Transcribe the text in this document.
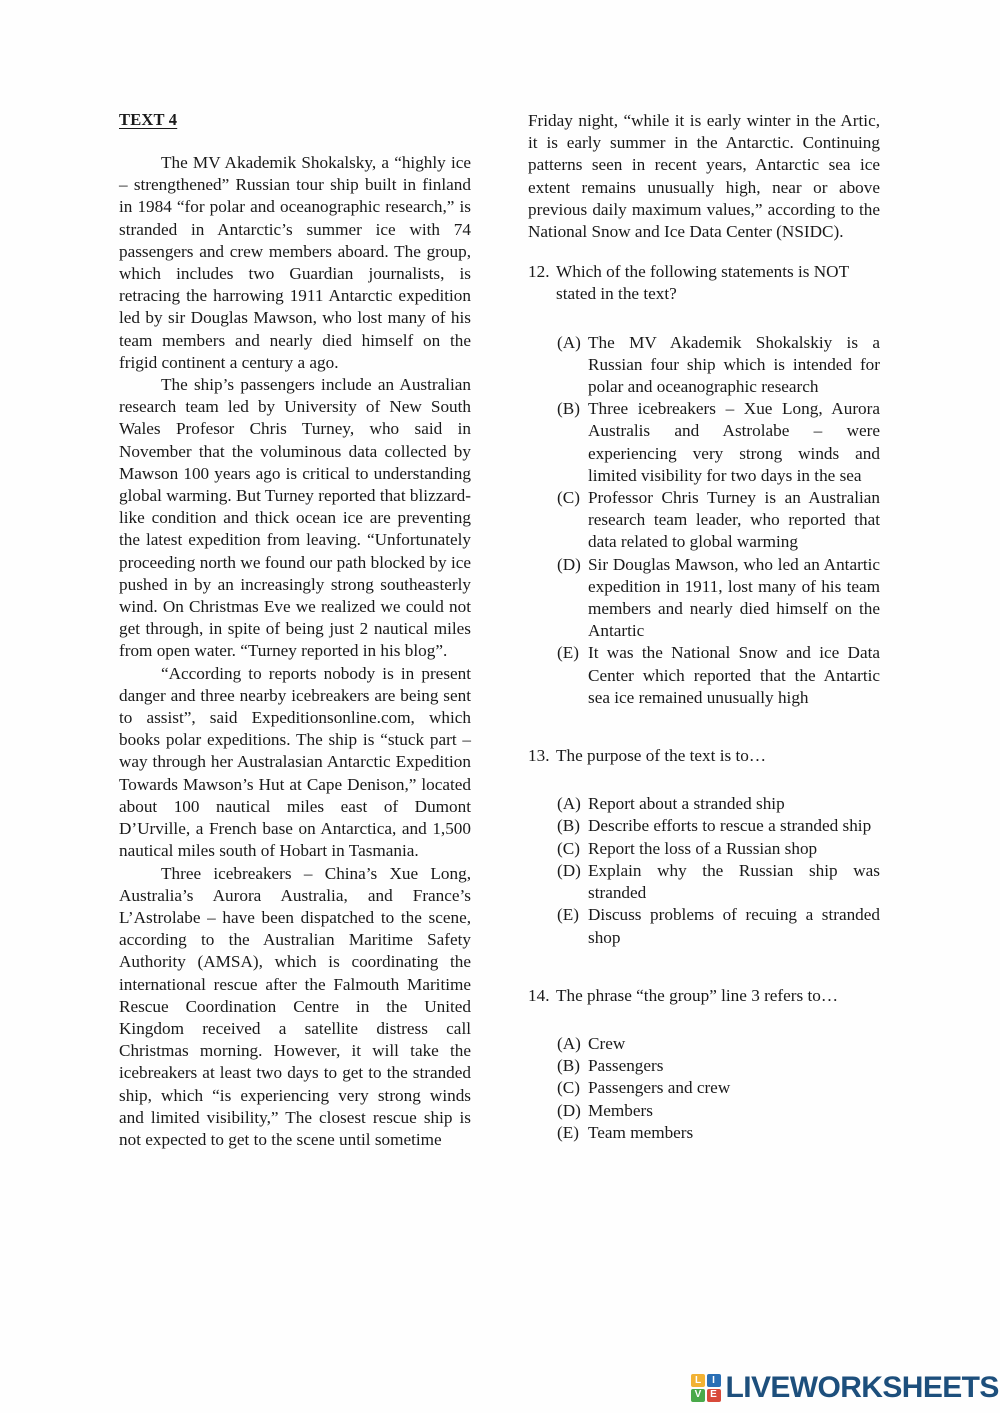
TEXT 4

The MV Akademik Shokalsky, a “highly ice – strengthened” Russian tour ship built in finland in 1984 “for polar and oceanographic research,” is stranded in Antarctic’s summer ice with 74 passengers and crew members aboard. The group, which includes two Guardian journalists, is retracing the harrowing 1911 Antarctic expedition led by sir Douglas Mawson, who lost many of his team members and nearly died himself on the frigid continent a century a ago.

The ship’s passengers include an Australian research team led by University of New South Wales Profesor Chris Turney, who said in November that the voluminous data collected by Mawson 100 years ago is critical to understanding global warming. But Turney reported that blizzard-like condition and thick ocean ice are preventing the latest expedition from leaving. “Unfortunately proceeding north we found our path blocked by ice pushed in by an increasingly strong southeasterly wind. On Christmas Eve we realized we could not get through, in spite of being just 2 nautical miles from open water. “Turney reported in his blog”.

“According to reports nobody is in present danger and three nearby icebreakers are being sent to assist”, said Expeditionsonline.com, which books polar expeditions. The ship is “stuck part – way through her Australasian Antarctic Expedition Towards Mawson’s Hut at Cape Denison,” located about 100 nautical miles east of Dumont D’Urville, a French base on Antarctica, and 1,500 nautical miles south of Hobart in Tasmania.

Three icebreakers – China’s Xue Long, Australia’s Aurora Australia, and France’s L’Astrolabe – have been dispatched to the scene, according to the Australian Maritime Safety Authority (AMSA), which is coordinating the international rescue after the Falmouth Maritime Rescue Coordination Centre in the United Kingdom received a satellite distress call Christmas morning. However, it will take the icebreakers at least two days to get to the stranded ship, which “is experiencing very strong winds and limited visibility,” The closest rescue ship is not expected to get to the scene until sometime

Friday night, “while it is early winter in the Artic, it is early summer in the Antarctic. Continuing patterns seen in recent years, Antarctic sea ice extent remains unusually high, near or above previous daily maximum values,” according to the National Snow and Ice Data Center (NSIDC).

12. Which of the following statements is NOT stated in the text?
(A) The MV Akademik Shokalskiy is a Russian four ship which is intended for polar and oceanographic research
(B) Three icebreakers – Xue Long, Aurora Australis and Astrolabe – were experiencing very strong winds and limited visibility for two days in the sea
(C) Professor Chris Turney is an Australian research team leader, who reported that data related to global warming
(D) Sir Douglas Mawson, who led an Antartic expedition in 1911, lost many of his team members and nearly died himself on the Antartic
(E) It was the National Snow and ice Data Center which reported that the Antartic sea ice remained unusually high
13. The purpose of the text is to…
(A) Report about a stranded ship
(B) Describe efforts to rescue a stranded ship
(C) Report the loss of a Russian shop
(D) Explain why the Russian ship was stranded
(E) Discuss problems of recuing a stranded shop
14. The phrase “the group” line 3 refers to…
(A) Crew
(B) Passengers
(C) Passengers and crew
(D) Members
(E) Team members
L	I
V E LIVEWORKSHEETS
